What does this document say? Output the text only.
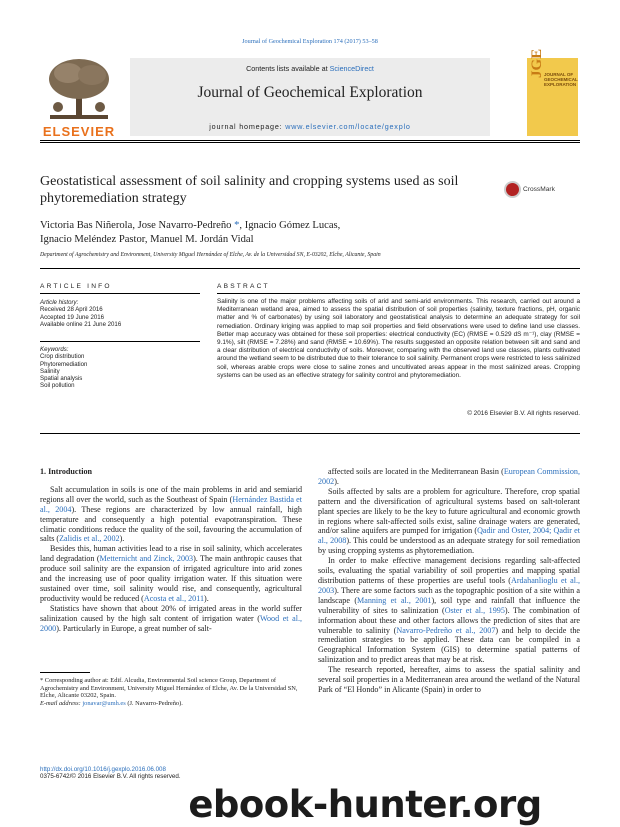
Journal of Geochemical Exploration 174 (2017) 53–58
ELSEVIER
Contents lists available at ScienceDirect
Journal of Geochemical Exploration
journal homepage: www.elsevier.com/locate/gexplo
JGE JOURNAL OF GEOCHEMICAL EXPLORATION
Geostatistical assessment of soil salinity and cropping systems used as soil phytoremediation strategy
CrossMark
Victoria Bas Niñerola, Jose Navarro-Pedreño *, Ignacio Gómez Lucas,
Ignacio Meléndez Pastor, Manuel M. Jordán Vidal
Department of Agrochemistry and Environment, University Miguel Hernández of Elche, Av. de la Universidad SN, E-03202, Elche, Alicante, Spain
ARTICLE INFO	ABSTRACT
Article history:
Received 28 April 2016
Accepted 19 June 2016
Available online 21 June 2016
Keywords:
Crop distribution
Phytoremediation
Salinity
Spatial analysis
Soil pollution
Salinity is one of the major problems affecting soils of arid and semi-arid environments. This research, carried out around a Mediterranean wetland area, aimed to assess the spatial distribution of soil properties (salinity, texture fractions, pH, organic matter and % of carbonates) by using soil laboratory and geostatistical analysis to determine an adequate strategy for soil remediation. Ordinary kriging was applied to map soil properties and field observations were used to define land use classes. Better map accuracy was obtained for these soil properties: electrical conductivity (EC) (RMSE = 0.529 dS m⁻¹), clay (RMSE = 9.1%), silt (RMSE = 7.28%) and sand (RMSE = 10.69%). The results suggested an opposite relation between silt and sand and a clear distribution of electrical conductivity of soils. Moreover, comparing with the observed land use classes, plants cultivated around the wetland seem to be distributed due to their tolerance to soil salinity. Permanent crops were restricted to less salinized soil, whereas arable crops were close to saline zones and uncultivated areas appear in the most salinized areas. Cropping systems can be used as an effective strategy for salinity control and phytoremediation.
© 2016 Elsevier B.V. All rights reserved.
1. Introduction

Salt accumulation in soils is one of the main problems in arid and semiarid regions all over the world, such as the Southeast of Spain (Hernández Bastida et al., 2004). These regions are characterized by low annual rainfall, high temperature and consequently a high potential evapotranspiration. These climatic conditions reduce the quality of the soil, favouring the accumulation of salts (Zalidis et al., 2002).

Besides this, human activities lead to a rise in soil salinity, which accelerates land degradation (Metternicht and Zinck, 2003). The main anthropic causes that produce soil salinity are the expansion of irrigated agriculture into arid zones and the increasing use of poor quality irrigation water. If this situation were sustained over time, soil salinity would rise, and consequently, agricultural productivity would be reduced (Acosta et al., 2011).

Statistics have shown that about 20% of irrigated areas in the world suffer salinization caused by the high salt content of irrigation water (Wood et al., 2000). Particularly in Europe, a great number of salt-

affected soils are located in the Mediterranean Basin (European Commission, 2002).

Soils affected by salts are a problem for agriculture. Therefore, crop spatial pattern and the diversification of agricultural systems based on salt-tolerant plant species are likely to be the key to future agricultural and economic growth in regions where salt-affected soils exist, saline drainage waters are generated, and/or saline aquifers are pumped for irrigation (Qadir and Oster, 2004; Qadir et al., 2008). This could be understood as an adequate strategy for soil remediation by using cropping systems as phytoremediation.

In order to make effective management decisions regarding salt-affected soils, evaluating the spatial variability of soil properties and mapping spatial distribution patterns of these properties are useful tools (Ardahanlioglu et al., 2003). There are some factors such as the topographic position of a site within a landscape (Manning et al., 2001), soil type and rainfall that influence the vulnerability of sites to salinization (Oster et al., 1995). The combination of information about these and other factors allows the prediction of sites that are vulnerable to salinity (Navarro-Pedreño et al., 2007) and help to decide the remediation strategies to be applied. These data can be compiled in a Geographical Information System (GIS) to determine spatial patterns of salinization and to predict areas that may be at risk.

The research reported, hereafter, aims to assess the spatial salinity and several soil properties in a Mediterranean area around the wetland of the Natural Park of “El Hondo” in Alicante (Spain) in order to

* Corresponding author at: Edif. Alcudia, Environmental Soil science Group, Department of Agrochemistry and Environment, University Miguel Hernández of Elche, Av. De la Universidad SN, Elche, Alicante 03202, Spain.
E-mail address: jonavar@umh.es (J. Navarro-Pedreño).
http://dx.doi.org/10.1016/j.gexplo.2016.06.008
0375-6742/© 2016 Elsevier B.V. All rights reserved.
ebook-hunter.org
